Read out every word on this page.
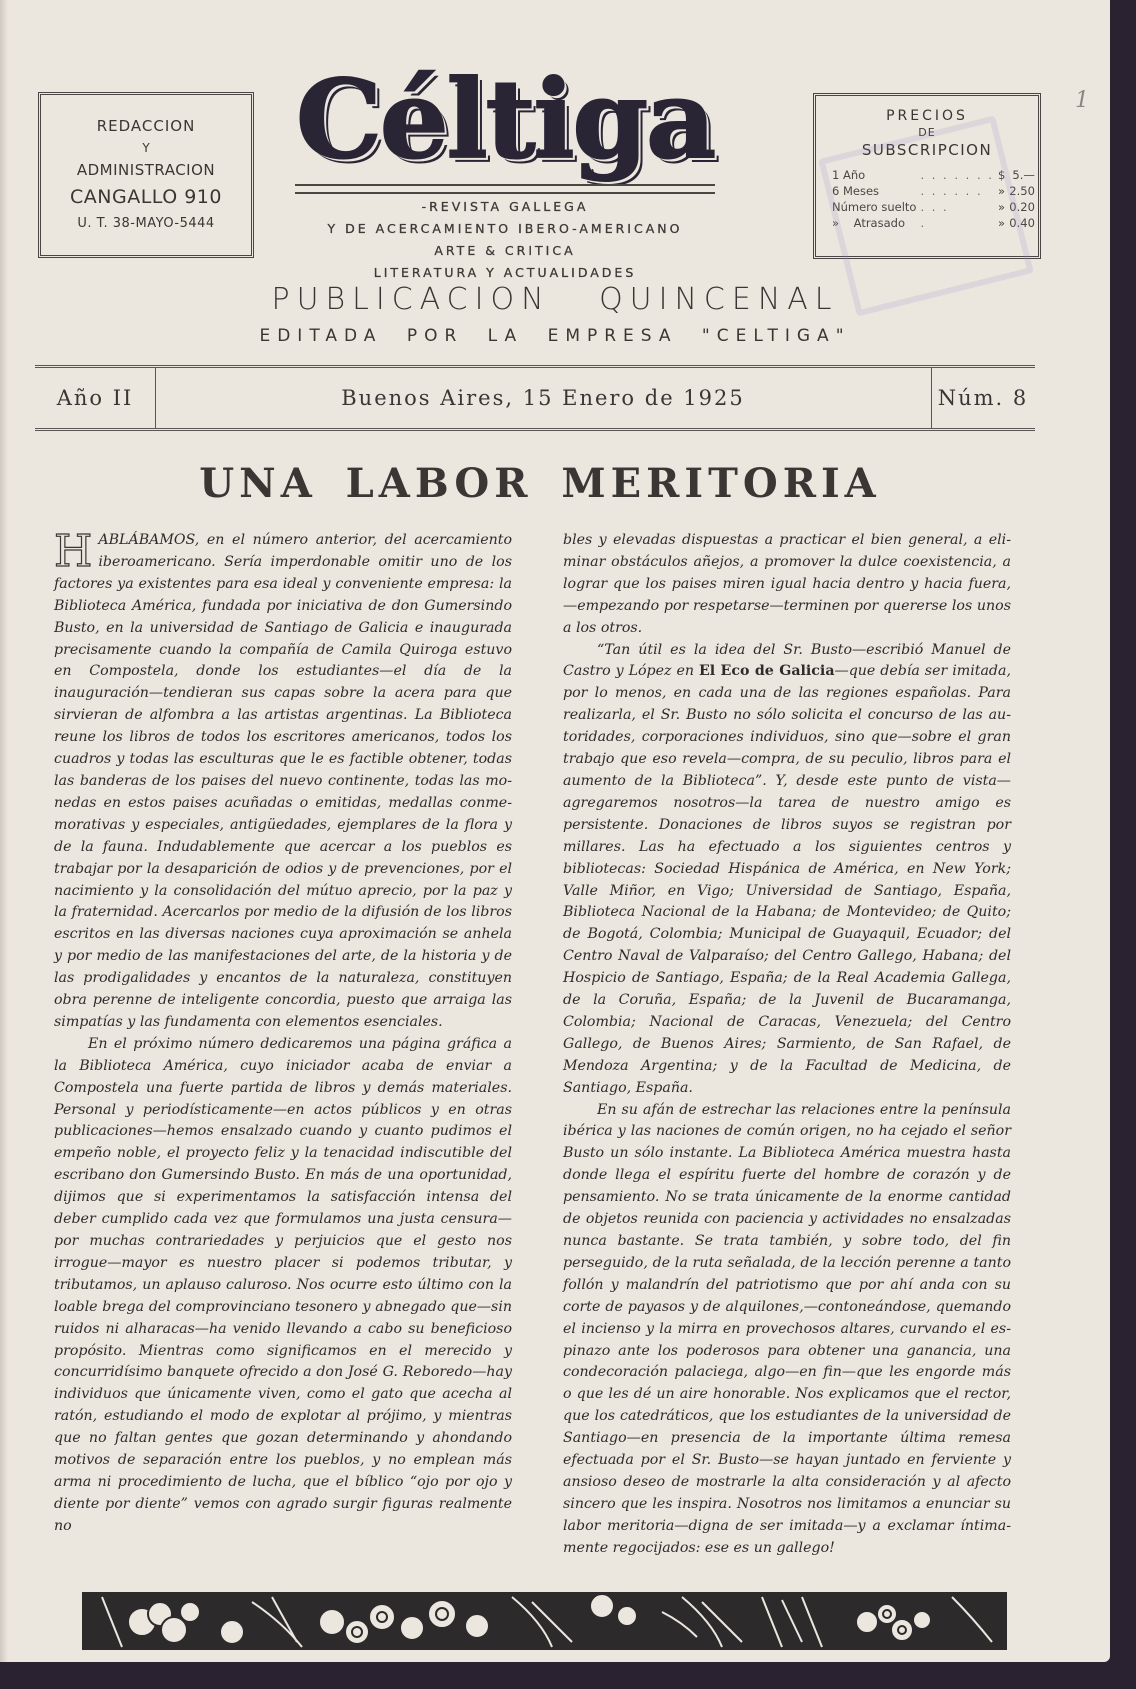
1
REDACCION
Y
ADMINISTRACION
CANGALLO 910
U. T. 38-MAYO-5444
Céltiga
-REVISTA GALLEGA
Y DE ACERCAMIENTO IBERO-AMERICANO
ARTE & CRITICA
LITERATURA Y ACTUALIDADES
PRECIOS
DE
SUBSCRIPCION
1 Año	. . . . . . .	$	5.—
6 Meses	. . . . . .	»	2.50
Número suelto	. . .	»	0.20
»    Atrasado	.	»	0.40
PUBLICACION QUINCENAL
EDITADA POR LA EMPRESA "CELTIGA"
Año II	Buenos Aires, 15 Enero de 1925	Núm. 8
UNA LABOR MERITORIA

HABLÁBAMOS, en el número anterior, del acercamiento iberoamericano. Sería imperdonable omitir uno de los factores ya existentes para esa ideal y conveniente empresa: la Biblioteca América, fundada por iniciativa de don Gumersindo Busto, en la universidad de Santiago de Galicia e inaugurada precisamente cuando la compañía de Camila Quiroga estuvo en Compostela, donde los estudiantes—el día de la inauguración—tendieran sus capas sobre la acera para que sirvieran de alfombra a las artistas argentinas. La Biblioteca reune los libros de todos los escritores americanos, todos los cuadros y todas las esculturas que le es factible obtener, todas las banderas de los paises del nuevo continente, todas las monedas en estos paises acuñadas o emitidas, medallas conmemorativas y especiales, antigüedades, ejemplares de la flora y de la fauna. Indudablemente que acercar a los pueblos es trabajar por la desaparición de odios y de prevenciones, por el nacimiento y la consolidación del mútuo aprecio, por la paz y la fraternidad. Acercarlos por medio de la difusión de los libros escritos en las diversas naciones cuya aproximación se anhela y por medio de las manifestaciones del arte, de la historia y de las prodigalidades y encantos de la naturaleza, constituyen obra perenne de inteligente concordia, puesto que arraiga las simpatías y las fundamenta con elementos esenciales.

En el próximo número dedicaremos una página gráfica a la Biblioteca América, cuyo iniciador acaba de enviar a Compostela una fuerte partida de libros y demás materiales. Personal y periodísticamente—en actos públicos y en otras publicaciones—hemos ensalzado cuando y cuanto pudimos el empeño noble, el proyecto feliz y la tenacidad indiscutible del escribano don Gumersindo Busto. En más de una oportunidad, dijimos que si experimentamos la satisfacción intensa del deber cumplido cada vez que formulamos una justa censura—por muchas contrariedades y perjuicios que el gesto nos irrogue—mayor es nuestro placer si podemos tributar, y tributamos, un aplauso caluroso. Nos ocurre esto último con la loable brega del comprovinciano tesonero y abnegado que—sin ruidos ni alharacas—ha venido llevando a cabo su beneficioso propósito. Mientras como significamos en el merecido y concurridísimo banquete ofrecido a don José G. Reboredo—hay individuos que únicamente viven, como el gato que acecha al ratón, estudiando el modo de explotar al prójimo, y mientras que no faltan gentes que gozan determinando y ahondando motivos de separación entre los pueblos, y no emplean más arma ni procedimiento de lucha, que el bíblico “ojo por ojo y diente por diente” vemos con agrado surgir figuras realmente no

bles y elevadas dispuestas a practicar el bien general, a eliminar obstáculos añejos, a promover la dulce coexistencia, a lograr que los paises miren igual hacia dentro y hacia fuera, —empezando por respetarse—terminen por quererse los unos a los otros.

“Tan útil es la idea del Sr. Busto—escribió Manuel de Castro y López en El Eco de Galicia—que debía ser imitada, por lo menos, en cada una de las regiones españolas. Para realizarla, el Sr. Busto no sólo solicita el concurso de las autoridades, corporaciones individuos, sino que—sobre el gran trabajo que eso revela—compra, de su peculio, libros para el aumento de la Biblioteca”. Y, desde este punto de vista—agregaremos nosotros—la tarea de nuestro amigo es persistente. Donaciones de libros suyos se registran por millares. Las ha efectuado a los siguientes centros y bibliotecas: Sociedad Hispánica de América, en New York; Valle Miñor, en Vigo; Universidad de Santiago, España, Biblioteca Nacional de la Habana; de Montevideo; de Quito; de Bogotá, Colombia; Municipal de Guayaquil, Ecuador; del Centro Naval de Valparaíso; del Centro Gallego, Habana; del Hospicio de Santiago, España; de la Real Academia Gallega, de la Coruña, España; de la Juvenil de Bucaramanga, Colombia; Nacional de Caracas, Venezuela; del Centro Gallego, de Buenos Aires; Sarmiento, de San Rafael, de Mendoza Argentina; y de la Facultad de Medicina, de Santiago, España.

En su afán de estrechar las relaciones entre la península ibérica y las naciones de común origen, no ha cejado el señor Busto un sólo instante. La Biblioteca América muestra hasta donde llega el espíritu fuerte del hombre de corazón y de pensamiento. No se trata únicamente de la enorme cantidad de objetos reunida con paciencia y actividades no ensalzadas nunca bastante. Se trata también, y sobre todo, del fin perseguido, de la ruta señalada, de la lección perenne a tanto follón y malandrín del patriotismo que por ahí anda con su corte de payasos y de alquilones,—contoneándose, quemando el incienso y la mirra en provechosos altares, curvando el espinazo ante los poderosos para obtener una ganancia, una condecoración palaciega, algo—en fin—que les engorde más o que les dé un aire honorable. Nos explicamos que el rector, que los catedráticos, que los estudiantes de la universidad de Santiago—en presencia de la importante última remesa efectuada por el Sr. Busto—se hayan juntado en ferviente y ansioso deseo de mostrarle la alta consideración y al afecto sincero que les inspira. Nosotros nos limitamos a enunciar su labor meritoria—digna de ser imitada—y a exclamar íntimamente regocijados: ese es un gallego!
